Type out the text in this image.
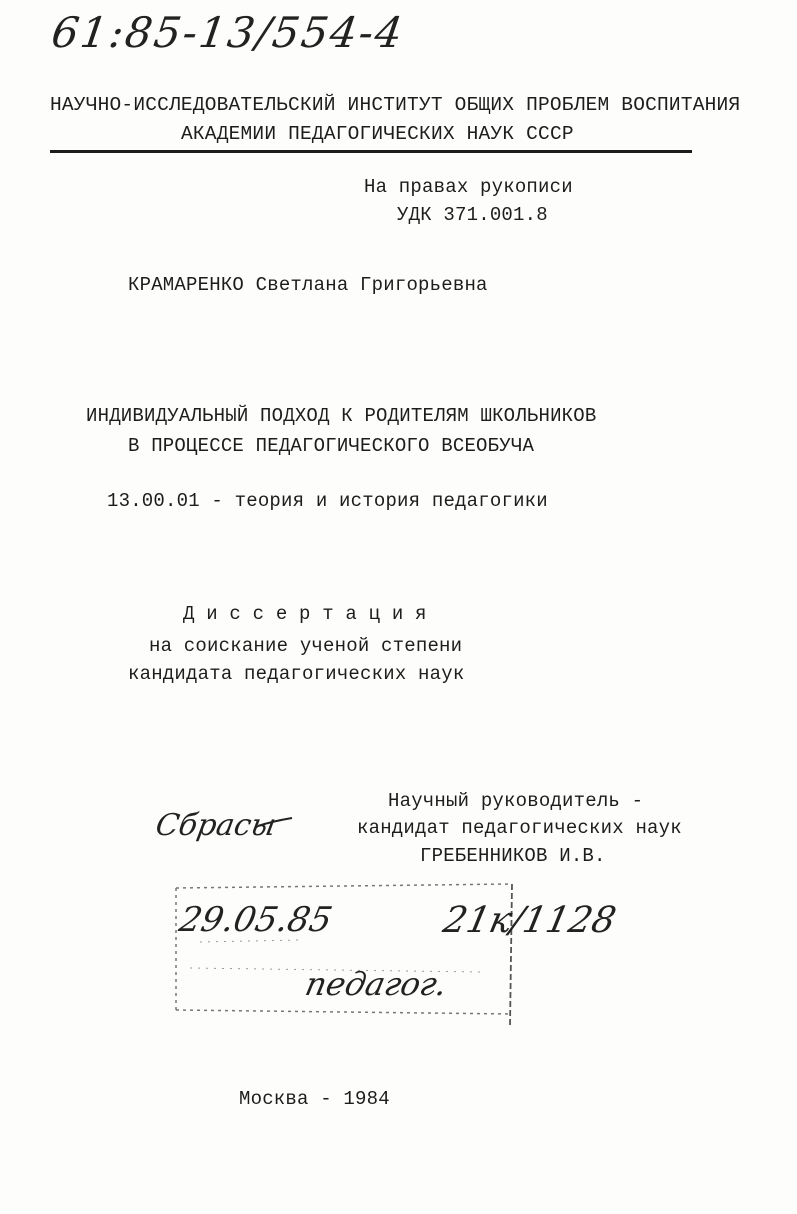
61:85-13/554-4
НАУЧНО-ИССЛЕДОВАТЕЛЬСКИЙ ИНСТИТУТ ОБЩИХ ПРОБЛЕМ ВОСПИТАНИЯ
АКАДЕМИИ ПЕДАГОГИЧЕСКИХ НАУК СССР
На правах рукописи
УДК 371.001.8
КРАМАРЕНКО Светлана Григорьевна
ИНДИВИДУАЛЬНЫЙ ПОДХОД К РОДИТЕЛЯМ ШКОЛЬНИКОВ
В ПРОЦЕССЕ ПЕДАГОГИЧЕСКОГО ВСЕОБУЧА
13.00.01 - теория и история педагогики
Д и с с е р т а ц и я
на соискание ученой степени
кандидата педагогических наук
Научный руководитель -
кандидат педагогических наук
ГРЕБЕННИКОВ И.В.
Сбрасы
29.05.85	21к/1128
педагог.
Москва - 1984
